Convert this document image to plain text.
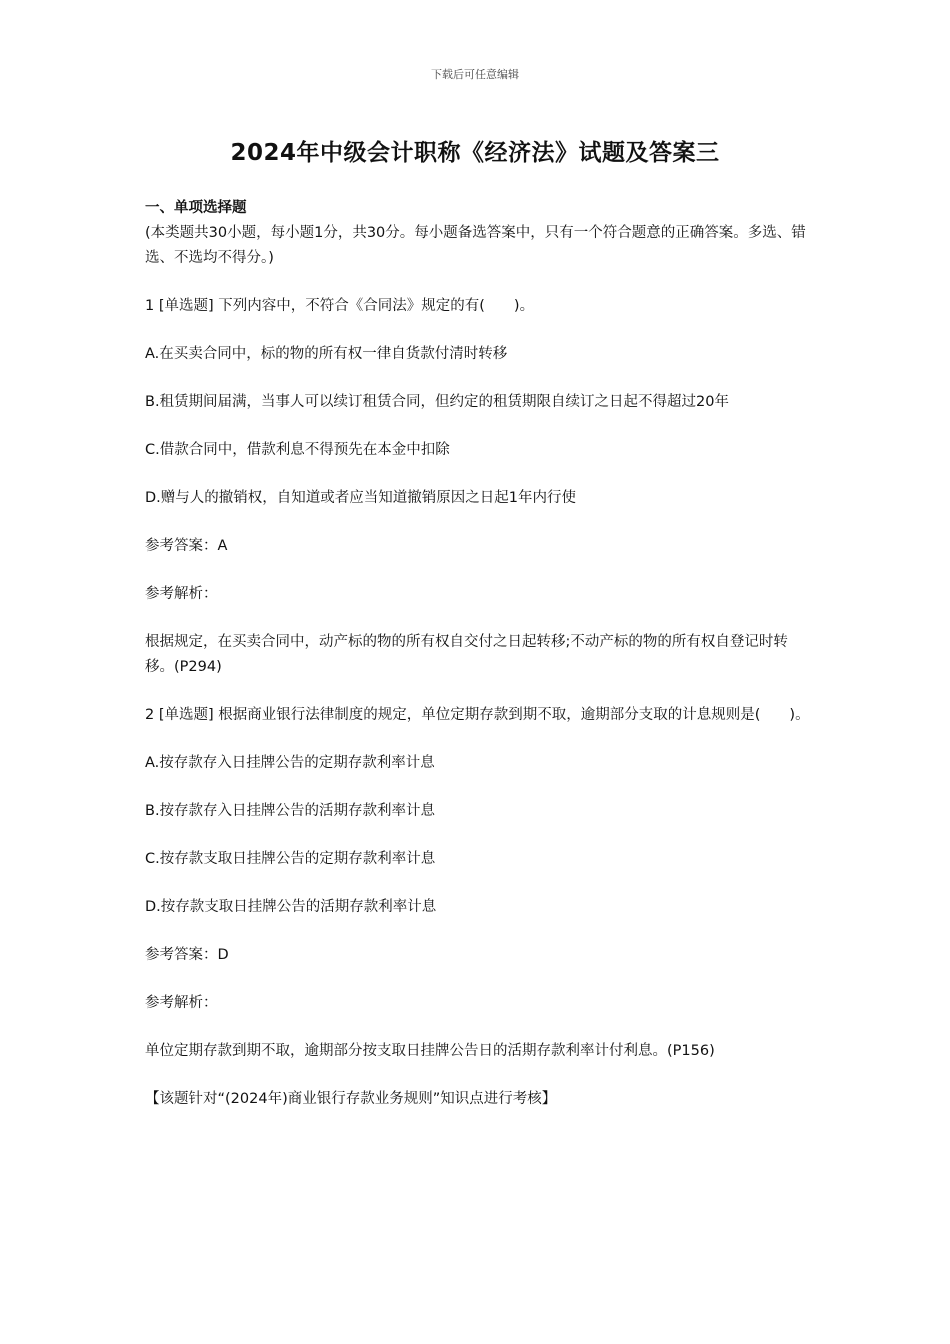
下载后可任意编辑
2024年中级会计职称《经济法》试题及答案三

一、单项选择题

(本类题共30小题，每小题1分，共30分。每小题备选答案中，只有一个符合题意的正确答案。多选、错选、不选均不得分。)

1 [单选题] 下列内容中，不符合《合同法》规定的有(　　)。

A.在买卖合同中，标的物的所有权一律自货款付清时转移

B.租赁期间届满，当事人可以续订租赁合同，但约定的租赁期限自续订之日起不得超过20年

C.借款合同中，借款利息不得预先在本金中扣除

D.赠与人的撤销权，自知道或者应当知道撤销原因之日起1年内行使

参考答案：A

参考解析：

根据规定，在买卖合同中，动产标的物的所有权自交付之日起转移;不动产标的物的所有权自登记时转移。(P294)

2 [单选题] 根据商业银行法律制度的规定，单位定期存款到期不取，逾期部分支取的计息规则是(　　)。

A.按存款存入日挂牌公告的定期存款利率计息

B.按存款存入日挂牌公告的活期存款利率计息

C.按存款支取日挂牌公告的定期存款利率计息

D.按存款支取日挂牌公告的活期存款利率计息

参考答案：D

参考解析：

单位定期存款到期不取，逾期部分按支取日挂牌公告日的活期存款利率计付利息。(P156)

【该题针对“(2024年)商业银行存款业务规则”知识点进行考核】
